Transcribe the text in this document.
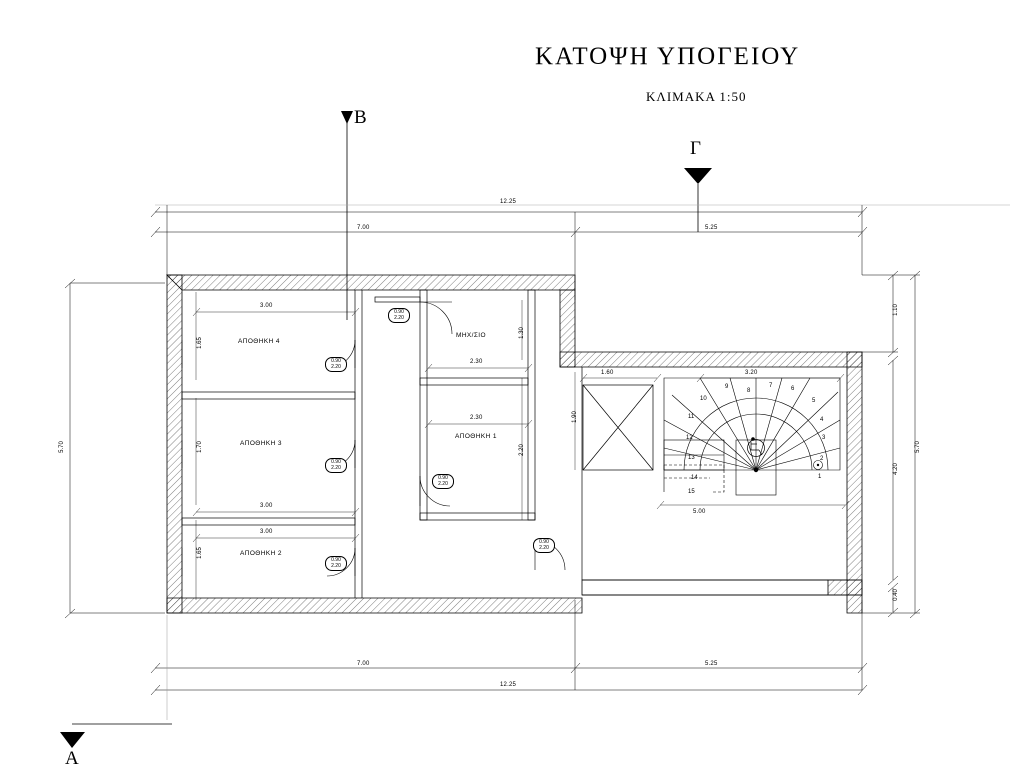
ΚΑΤΟΨΗ ΥΠΟΓΕΙΟΥ
ΚΛΙΜΑΚΑ 1:50
Β
Γ
Α
12.25
7.00	5.25
12.25
7.00	5.25
5.70	5.70
1.10
4.20
0.40
3.00
1.65
3.00
1.70
3.00
1.65
2.30
1.30
2.30
2.20
1.60
1.90
3.20
5.00
ΑΠΟΘΗΚΗ 4
ΑΠΟΘΗΚΗ 3
ΑΠΟΘΗΚΗ 2
ΑΠΟΘΗΚΗ 1
ΜΗΧ/ΣΙΟ
0.90
2.20
0.90
2.20
0.90
2.20
0.90
2.20
0.90
2.20
0.90
2.20
1
2
3
4
5
6
7
8
9
10
11
12
13
14
15
